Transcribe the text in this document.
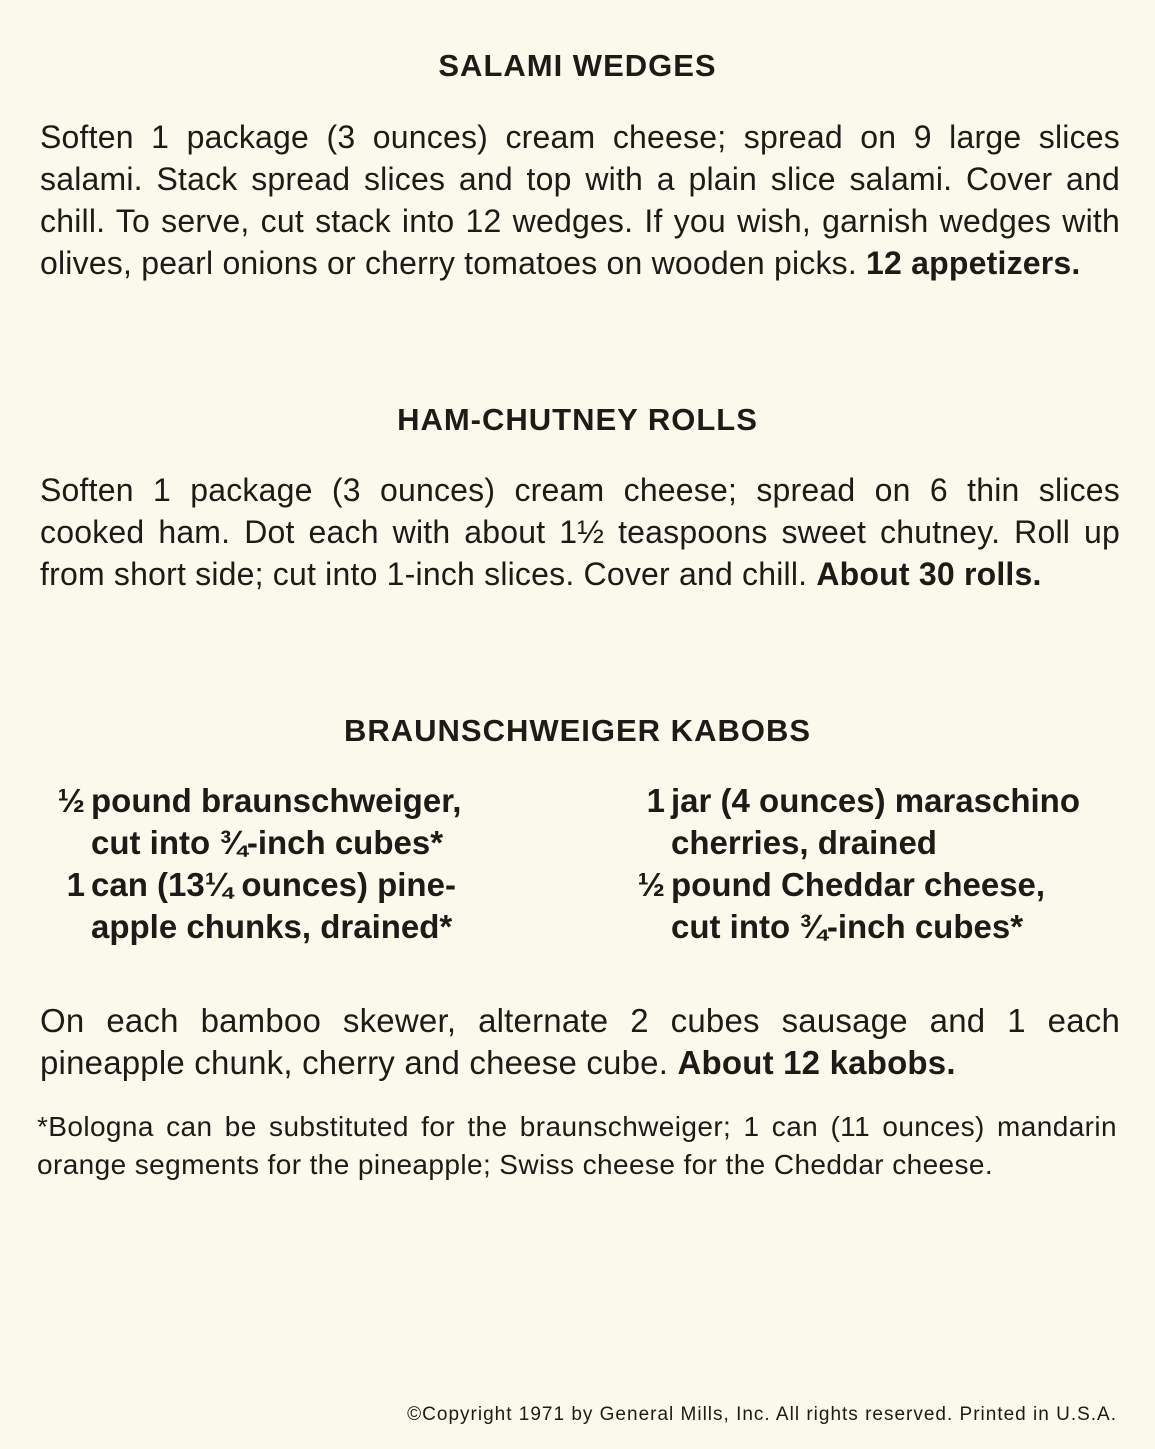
SALAMI WEDGES

Soften 1 package (3 ounces) cream cheese; spread on 9 large slices salami. Stack spread slices and top with a plain slice salami. Cover and chill. To serve, cut stack into 12 wedges. If you wish, garnish wedges with olives, pearl onions or cherry tomatoes on wooden picks. 12 appetizers.

HAM-CHUTNEY ROLLS

Soften 1 package (3 ounces) cream cheese; spread on 6 thin slices cooked ham. Dot each with about 1½ teaspoons sweet chutney. Roll up from short side; cut into 1-inch slices. Cover and chill. About 30 rolls.

BRAUNSCHWEIGER KABOBS
½ pound braunschweiger, cut into ¾-inch cubes*
1 can (13¼ ounces) pine-apple chunks, drained*
1 jar (4 ounces) maraschino cherries, drained
½ pound Cheddar cheese, cut into ¾-inch cubes*

On each bamboo skewer, alternate 2 cubes sausage and 1 each pineapple chunk, cherry and cheese cube. About 12 kabobs.

*Bologna can be substituted for the braunschweiger; 1 can (11 ounces) mandarin orange segments for the pineapple; Swiss cheese for the Cheddar cheese.

©Copyright 1971 by General Mills, Inc. All rights reserved. Printed in U.S.A.
